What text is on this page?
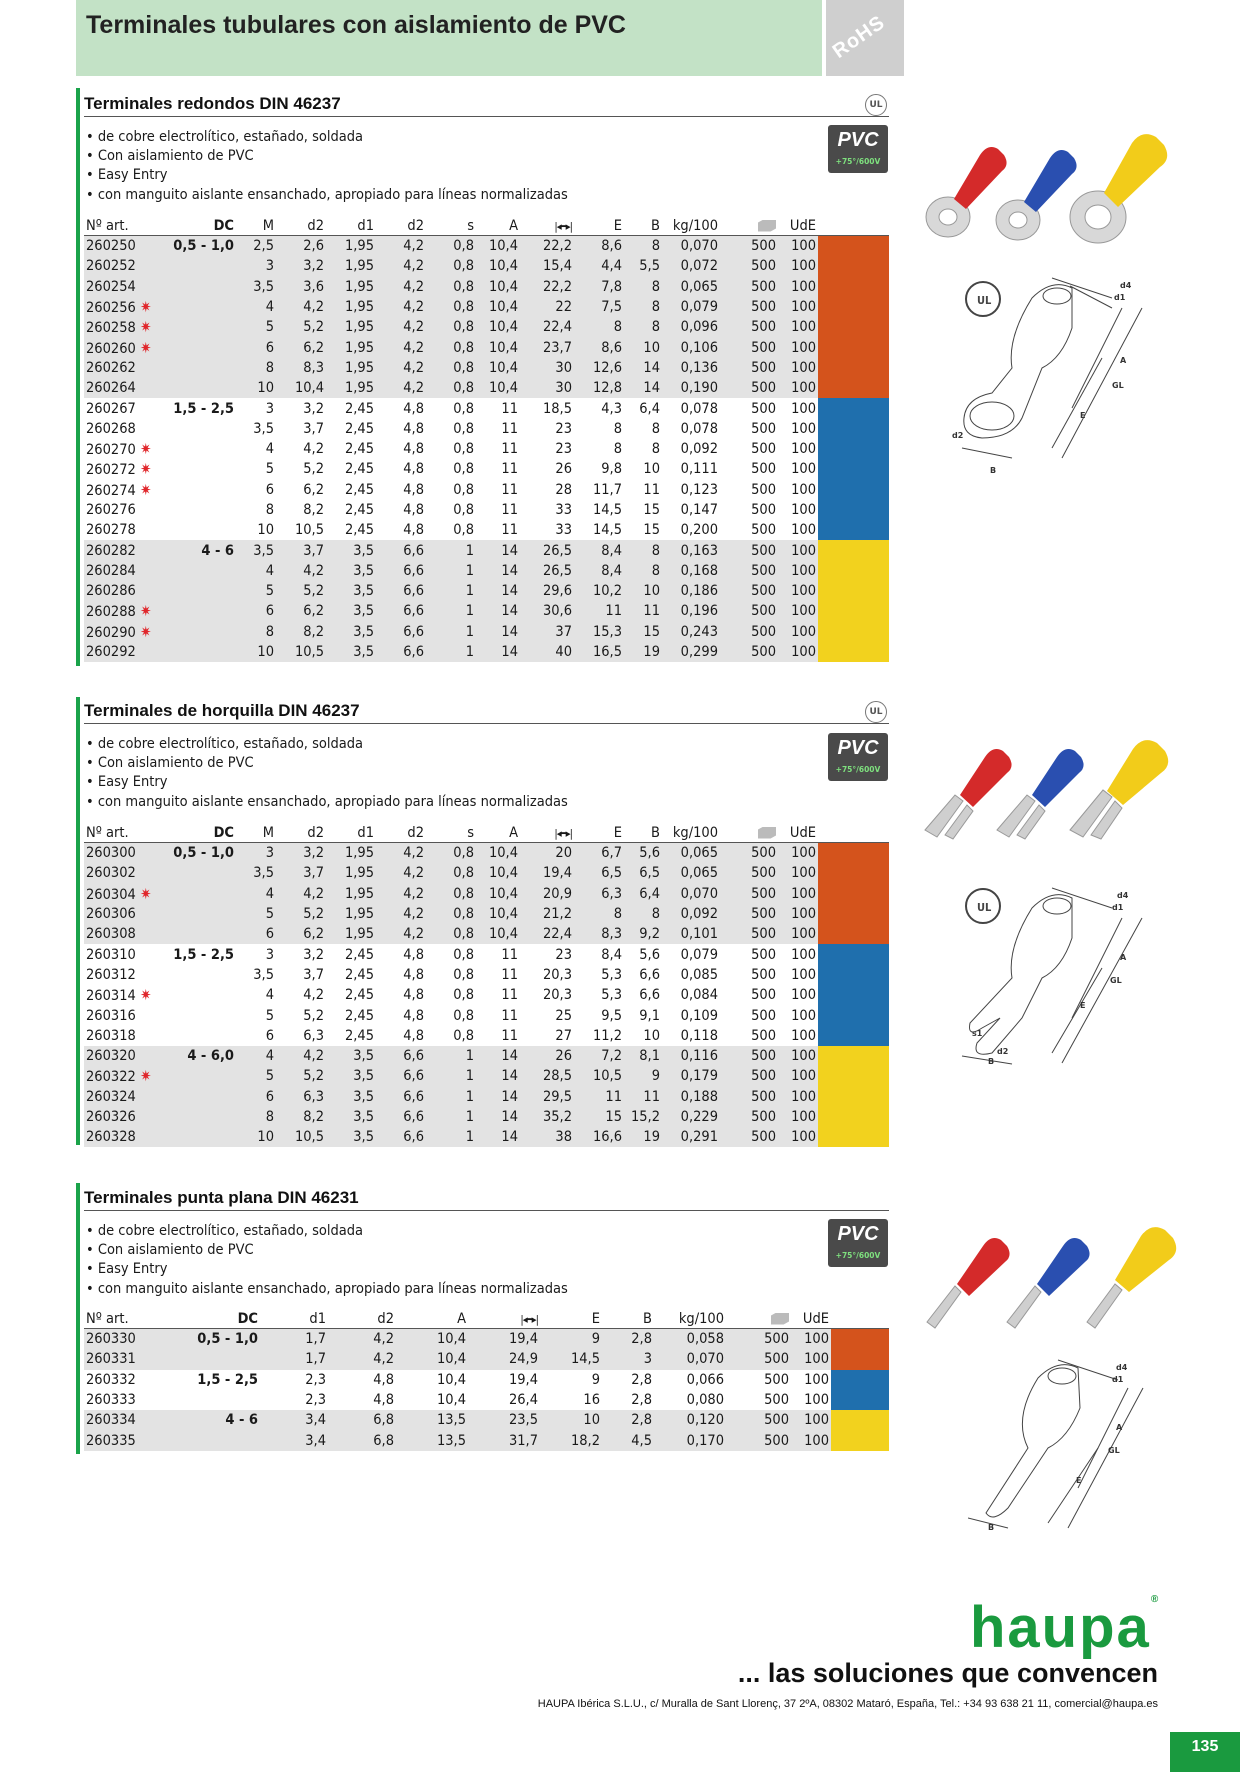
Terminales tubulares con aislamiento de PVC	RoHS
Terminales redondos DIN 46237	UL
• de cobre electrolítico, estañado, soldada
• Con aislamiento de PVC
• Easy Entry
• con manguito aislante ensanchado, apropiado para líneas normalizadas
PVC
+75°/600V
Nº art.	DC	M	d2	d1	d2	s	A	|◂━▸|	E	B	kg/100		UdE	
260250	0,5 - 1,0	2,5	2,6	1,95	4,2	0,8	10,4	22,2	8,6	8	0,070	500	100	
260252		3	3,2	1,95	4,2	0,8	10,4	15,4	4,4	5,5	0,072	500	100	
260254		3,5	3,6	1,95	4,2	0,8	10,4	22,2	7,8	8	0,065	500	100	
260256 ✷		4	4,2	1,95	4,2	0,8	10,4	22	7,5	8	0,079	500	100	
260258 ✷		5	5,2	1,95	4,2	0,8	10,4	22,4	8	8	0,096	500	100	
260260 ✷		6	6,2	1,95	4,2	0,8	10,4	23,7	8,6	10	0,106	500	100	
260262		8	8,3	1,95	4,2	0,8	10,4	30	12,6	14	0,136	500	100	
260264		10	10,4	1,95	4,2	0,8	10,4	30	12,8	14	0,190	500	100	
260267	1,5 - 2,5	3	3,2	2,45	4,8	0,8	11	18,5	4,3	6,4	0,078	500	100	
260268		3,5	3,7	2,45	4,8	0,8	11	23	8	8	0,078	500	100	
260270 ✷		4	4,2	2,45	4,8	0,8	11	23	8	8	0,092	500	100	
260272 ✷		5	5,2	2,45	4,8	0,8	11	26	9,8	10	0,111	500	100	
260274 ✷		6	6,2	2,45	4,8	0,8	11	28	11,7	11	0,123	500	100	
260276		8	8,2	2,45	4,8	0,8	11	33	14,5	15	0,147	500	100	
260278		10	10,5	2,45	4,8	0,8	11	33	14,5	15	0,200	500	100	
260282	4 - 6	3,5	3,7	3,5	6,6	1	14	26,5	8,4	8	0,163	500	100	
260284		4	4,2	3,5	6,6	1	14	26,5	8,4	8	0,168	500	100	
260286		5	5,2	3,5	6,6	1	14	29,6	10,2	10	0,186	500	100	
260288 ✷		6	6,2	3,5	6,6	1	14	30,6	11	11	0,196	500	100	
260290 ✷		8	8,2	3,5	6,6	1	14	37	15,3	15	0,243	500	100	
260292		10	10,5	3,5	6,6	1	14	40	16,5	19	0,299	500	100	
Terminales de horquilla DIN 46237	UL
• de cobre electrolítico, estañado, soldada
• Con aislamiento de PVC
• Easy Entry
• con manguito aislante ensanchado, apropiado para líneas normalizadas
PVC
+75°/600V
Nº art.	DC	M	d2	d1	d2	s	A	|◂━▸|	E	B	kg/100		UdE	
260300	0,5 - 1,0	3	3,2	1,95	4,2	0,8	10,4	20	6,7	5,6	0,065	500	100	
260302		3,5	3,7	1,95	4,2	0,8	10,4	19,4	6,5	6,5	0,065	500	100	
260304 ✷		4	4,2	1,95	4,2	0,8	10,4	20,9	6,3	6,4	0,070	500	100	
260306		5	5,2	1,95	4,2	0,8	10,4	21,2	8	8	0,092	500	100	
260308		6	6,2	1,95	4,2	0,8	10,4	22,4	8,3	9,2	0,101	500	100	
260310	1,5 - 2,5	3	3,2	2,45	4,8	0,8	11	23	8,4	5,6	0,079	500	100	
260312		3,5	3,7	2,45	4,8	0,8	11	20,3	5,3	6,6	0,085	500	100	
260314 ✷		4	4,2	2,45	4,8	0,8	11	20,3	5,3	6,6	0,084	500	100	
260316		5	5,2	2,45	4,8	0,8	11	25	9,5	9,1	0,109	500	100	
260318		6	6,3	2,45	4,8	0,8	11	27	11,2	10	0,118	500	100	
260320	4 - 6,0	4	4,2	3,5	6,6	1	14	26	7,2	8,1	0,116	500	100	
260322 ✷		5	5,2	3,5	6,6	1	14	28,5	10,5	9	0,179	500	100	
260324		6	6,3	3,5	6,6	1	14	29,5	11	11	0,188	500	100	
260326		8	8,2	3,5	6,6	1	14	35,2	15	15,2	0,229	500	100	
260328		10	10,5	3,5	6,6	1	14	38	16,6	19	0,291	500	100	
Terminales punta plana DIN 46231
• de cobre electrolítico, estañado, soldada
• Con aislamiento de PVC
• Easy Entry
• con manguito aislante ensanchado, apropiado para líneas normalizadas
PVC
+75°/600V
Nº art.	DC	d1	d2	A	|◂━▸|	E	B	kg/100		UdE	
260330	0,5 - 1,0	1,7	4,2	10,4	19,4	9	2,8	0,058	500	100	
260331		1,7	4,2	10,4	24,9	14,5	3	0,070	500	100	
260332	1,5 - 2,5	2,3	4,8	10,4	19,4	9	2,8	0,066	500	100	
260333		2,3	4,8	10,4	26,4	16	2,8	0,080	500	100	
260334	4 - 6	3,4	6,8	13,5	23,5	10	2,8	0,120	500	100	
260335		3,4	6,8	13,5	31,7	18,2	4,5	0,170	500	100	
UL
d4
d1
A
GL
E
d2
B
UL
d4
d1
A
GL
E
s1
d2
B
d4
d1
A
GL
E
B
haupa®
... las soluciones que convencen
HAUPA Ibérica S.L.U., c/ Muralla de Sant Llorenç, 37 2ºA, 08302 Mataró, España, Tel.: +34 93 638 21 11, comercial@haupa.es
135
